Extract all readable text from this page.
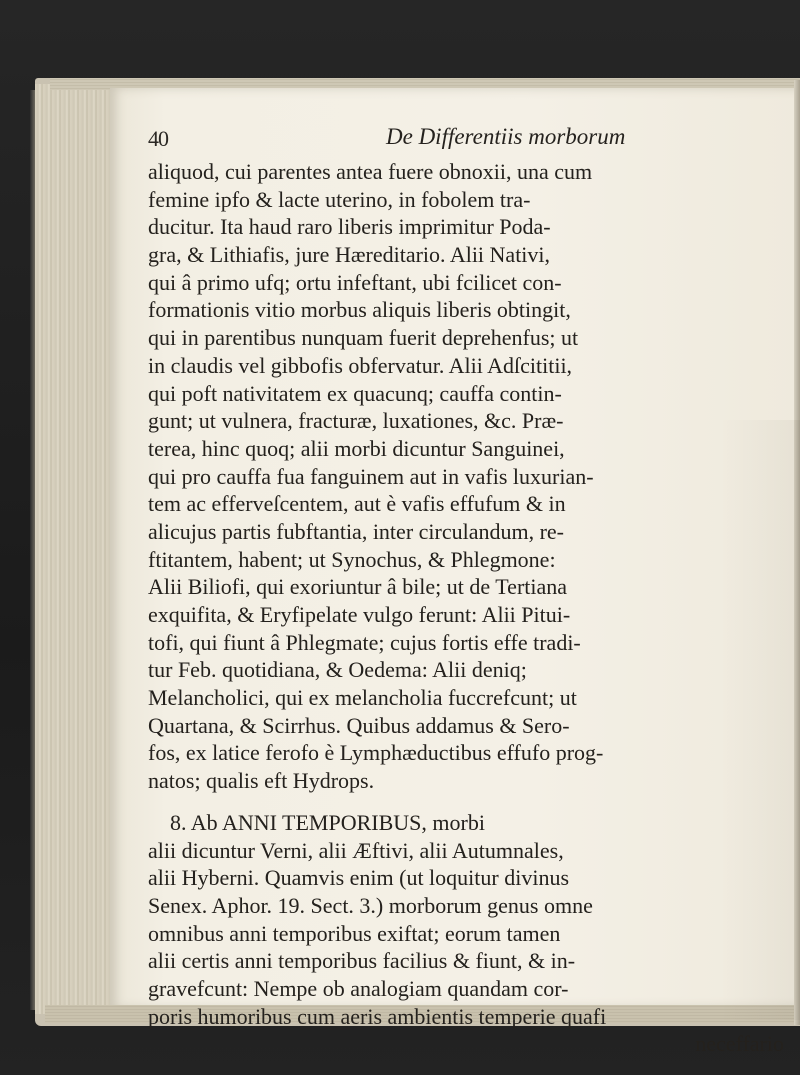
40	De Differentiis morborum
aliquod, cui parentes antea fuere obnoxii, una cum
femine ipfo & lacte uterino, in fobolem tra-
ducitur. Ita haud raro liberis imprimitur Poda-
gra, & Lithiafis, jure Hæreditario. Alii Nativi,
qui â primo ufq; ortu infeftant, ubi fcilicet con-
formationis vitio morbus aliquis liberis obtingit,
qui in parentibus nunquam fuerit deprehenfus; ut
in claudis vel gibbofis obfervatur. Alii Adſcititii,
qui poft nativitatem ex quacunq; cauffa contin-
gunt; ut vulnera, fracturæ, luxationes, &c. Præ-
terea, hinc quoq; alii morbi dicuntur Sanguinei,
qui pro cauffa fua fanguinem aut in vafis luxurian-
tem ac efferveſcentem, aut è vafis effufum & in
alicujus partis fubftantia, inter circulandum, re-
ftitantem, habent; ut Synochus, & Phlegmone:
Alii Biliofi, qui exoriuntur â bile; ut de Tertiana
exquifita, & Eryfipelate vulgo ferunt: Alii Pitui-
tofi, qui fiunt â Phlegmate; cujus fortis effe tradi-
tur Feb. quotidiana, & Oedema: Alii deniq;
Melancholici, qui ex melancholia fuccrefcunt; ut
Quartana, & Scirrhus. Quibus addamus & Sero-
fos, ex latice ferofo è Lymphæductibus effufo prog-
natos; qualis eft Hydrops.
8. Ab ANNI TEMPORIBUS, morbi
alii dicuntur Verni, alii Æftivi, alii Autumnales,
alii Hyberni. Quamvis enim (ut loquitur divinus
Senex. Aphor. 19. Sect. 3.) morborum genus omne
omnibus anni temporibus exiftat; eorum tamen
alii certis anni temporibus facilius & fiunt, & in-
gravefcunt: Nempe ob analogiam quandam cor-
poris humoribus cum aeris ambientis temperie quafi
neceffario
